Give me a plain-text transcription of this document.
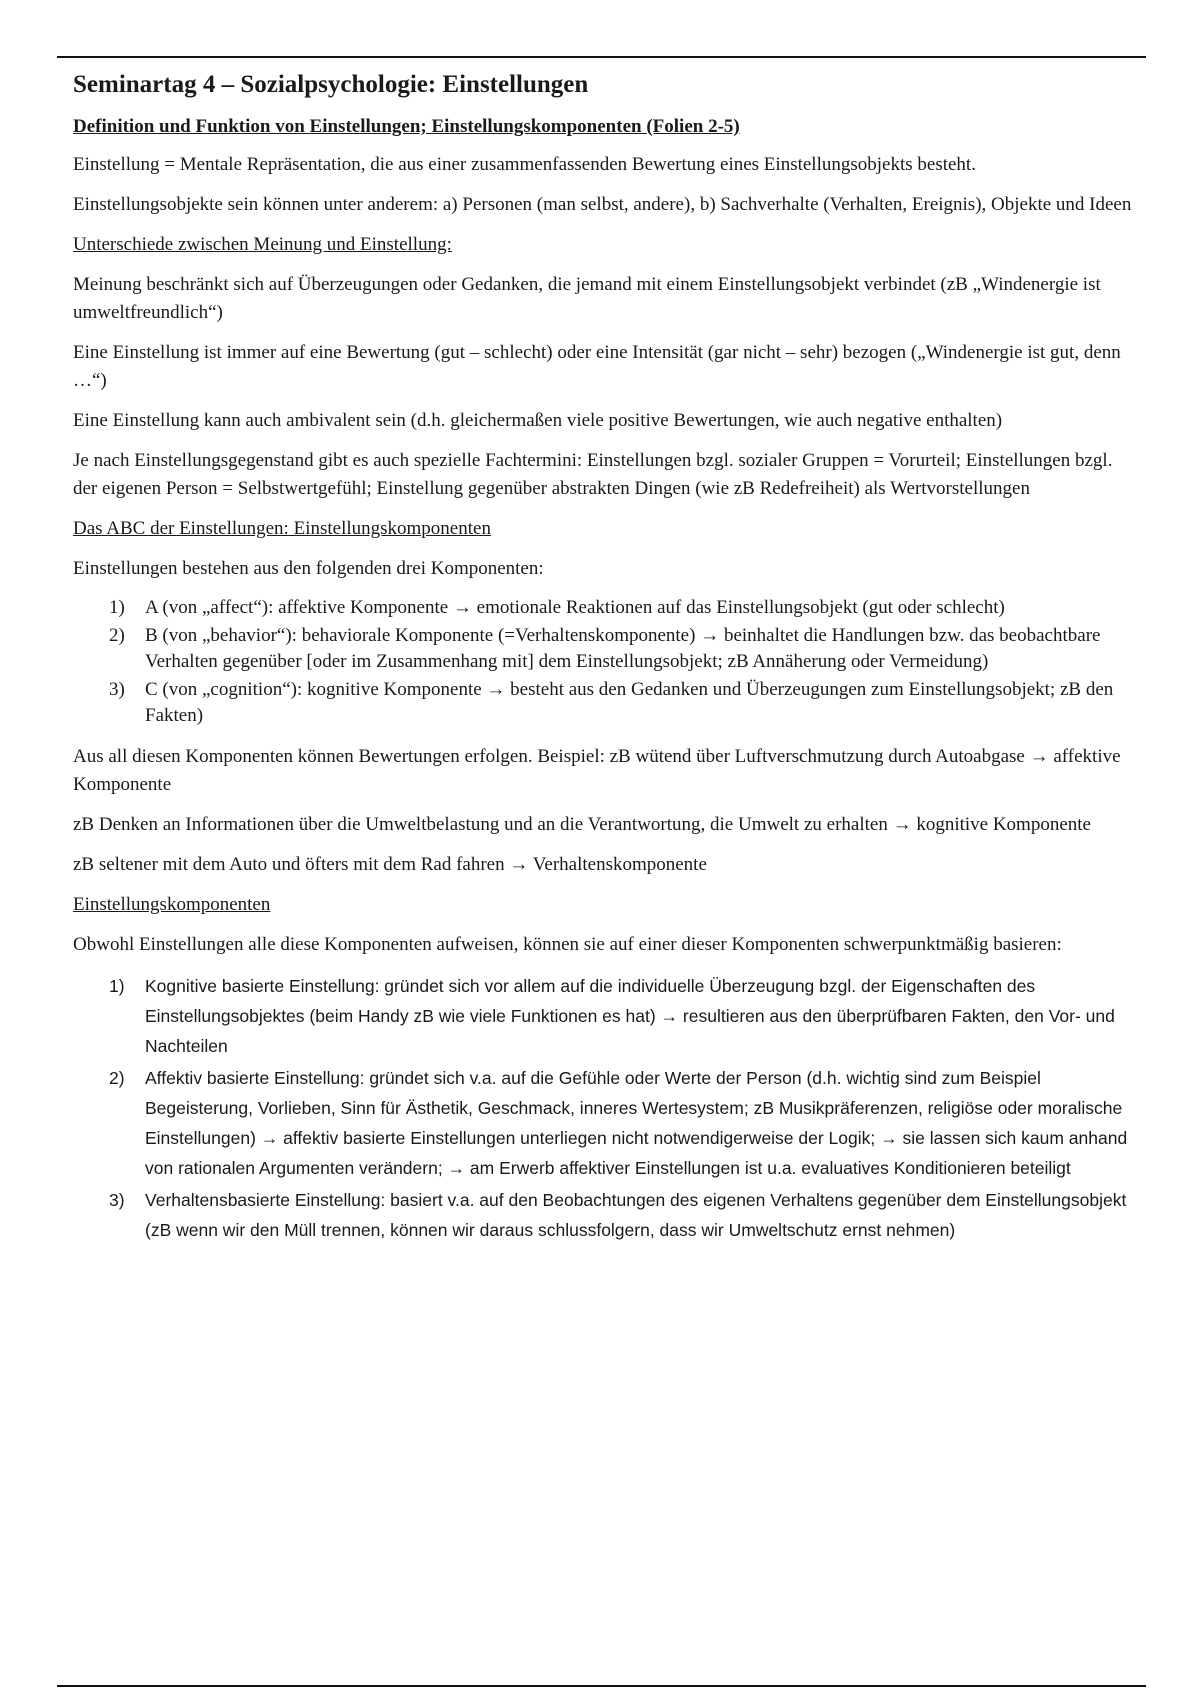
Seminartag 4 – Sozialpsychologie: Einstellungen
Definition und Funktion von Einstellungen; Einstellungskomponenten (Folien 2-5)

Einstellung = Mentale Repräsentation, die aus einer zusammenfassenden Bewertung eines Einstellungsobjekts besteht.

Einstellungsobjekte sein können unter anderem: a) Personen (man selbst, andere), b) Sachverhalte (Verhalten, Ereignis), Objekte und Ideen

Unterschiede zwischen Meinung und Einstellung:

Meinung beschränkt sich auf Überzeugungen oder Gedanken, die jemand mit einem Einstellungsobjekt verbindet (zB „Windenergie ist umweltfreundlich“)

Eine Einstellung ist immer auf eine Bewertung (gut – schlecht) oder eine Intensität (gar nicht – sehr) bezogen („Windenergie ist gut, denn …“)

Eine Einstellung kann auch ambivalent sein (d.h. gleichermaßen viele positive Bewertungen, wie auch negative enthalten)

Je nach Einstellungsgegenstand gibt es auch spezielle Fachtermini: Einstellungen bzgl. sozialer Gruppen = Vorurteil; Einstellungen bzgl. der eigenen Person = Selbstwertgefühl; Einstellung gegenüber abstrakten Dingen (wie zB Redefreiheit) als Wertvorstellungen

Das ABC der Einstellungen: Einstellungskomponenten

Einstellungen bestehen aus den folgenden drei Komponenten:

1) A (von „affect“): affektive Komponente → emotionale Reaktionen auf das Einstellungsobjekt (gut oder schlecht)
2) B (von „behavior“): behaviorale Komponente (=Verhaltenskomponente) → beinhaltet die Handlungen bzw. das beobachtbare Verhalten gegenüber [oder im Zusammenhang mit] dem Einstellungsobjekt; zB Annäherung oder Vermeidung)
3) C (von „cognition“): kognitive Komponente → besteht aus den Gedanken und Überzeugungen zum Einstellungsobjekt; zB den Fakten)

Aus all diesen Komponenten können Bewertungen erfolgen. Beispiel: zB wütend über Luftverschmutzung durch Autoabgase → affektive Komponente

zB Denken an Informationen über die Umweltbelastung und an die Verantwortung, die Umwelt zu erhalten → kognitive Komponente

zB seltener mit dem Auto und öfters mit dem Rad fahren → Verhaltenskomponente

Einstellungskomponenten

Obwohl Einstellungen alle diese Komponenten aufweisen, können sie auf einer dieser Komponenten schwerpunktmäßig basieren:

1) Kognitive basierte Einstellung: gründet sich vor allem auf die individuelle Überzeugung bzgl. der Eigenschaften des Einstellungsobjektes (beim Handy zB wie viele Funktionen es hat) → resultieren aus den überprüfbaren Fakten, den Vor- und Nachteilen
2) Affektiv basierte Einstellung: gründet sich v.a. auf die Gefühle oder Werte der Person (d.h. wichtig sind zum Beispiel Begeisterung, Vorlieben, Sinn für Ästhetik, Geschmack, inneres Wertesystem; zB Musikpräferenzen, religiöse oder moralische Einstellungen) → affektiv basierte Einstellungen unterliegen nicht notwendigerweise der Logik; → sie lassen sich kaum anhand von rationalen Argumenten verändern; → am Erwerb affektiver Einstellungen ist u.a. evaluatives Konditionieren beteiligt
3) Verhaltensbasierte Einstellung: basiert v.a. auf den Beobachtungen des eigenen Verhaltens gegenüber dem Einstellungsobjekt (zB wenn wir den Müll trennen, können wir daraus schlussfolgern, dass wir Umweltschutz ernst nehmen)
